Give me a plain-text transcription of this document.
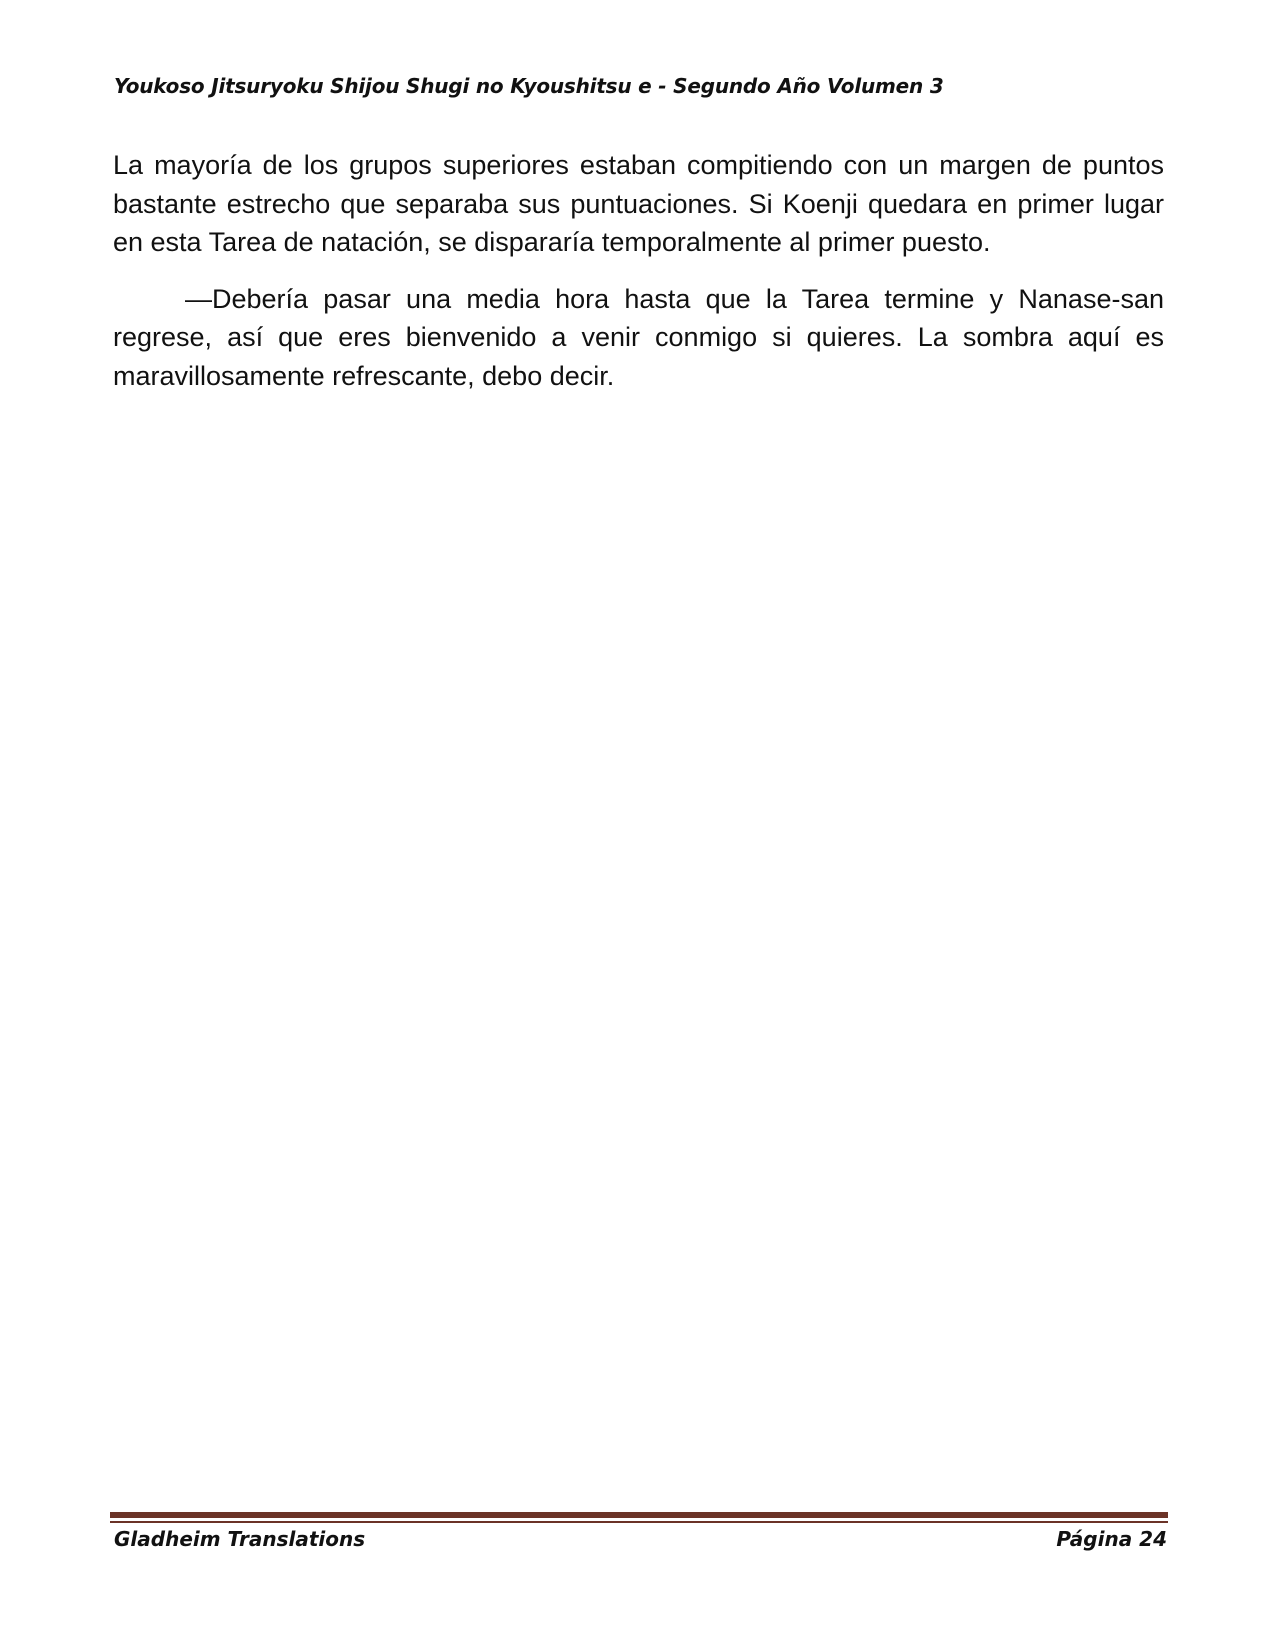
Youkoso Jitsuryoku Shijou Shugi no Kyoushitsu e - Segundo Año Volumen 3

La mayoría de los grupos superiores estaban compitiendo con un margen de puntos bastante estrecho que separaba sus puntuaciones. Si Koenji quedara en primer lugar en esta Tarea de natación, se dispararía temporalmente al primer puesto.

—Debería pasar una media hora hasta que la Tarea termine y Nanase-san regrese, así que eres bienvenido a venir conmigo si quieres. La sombra aquí es maravillosamente refrescante, debo decir.

Gladheim Translations	Página 24
